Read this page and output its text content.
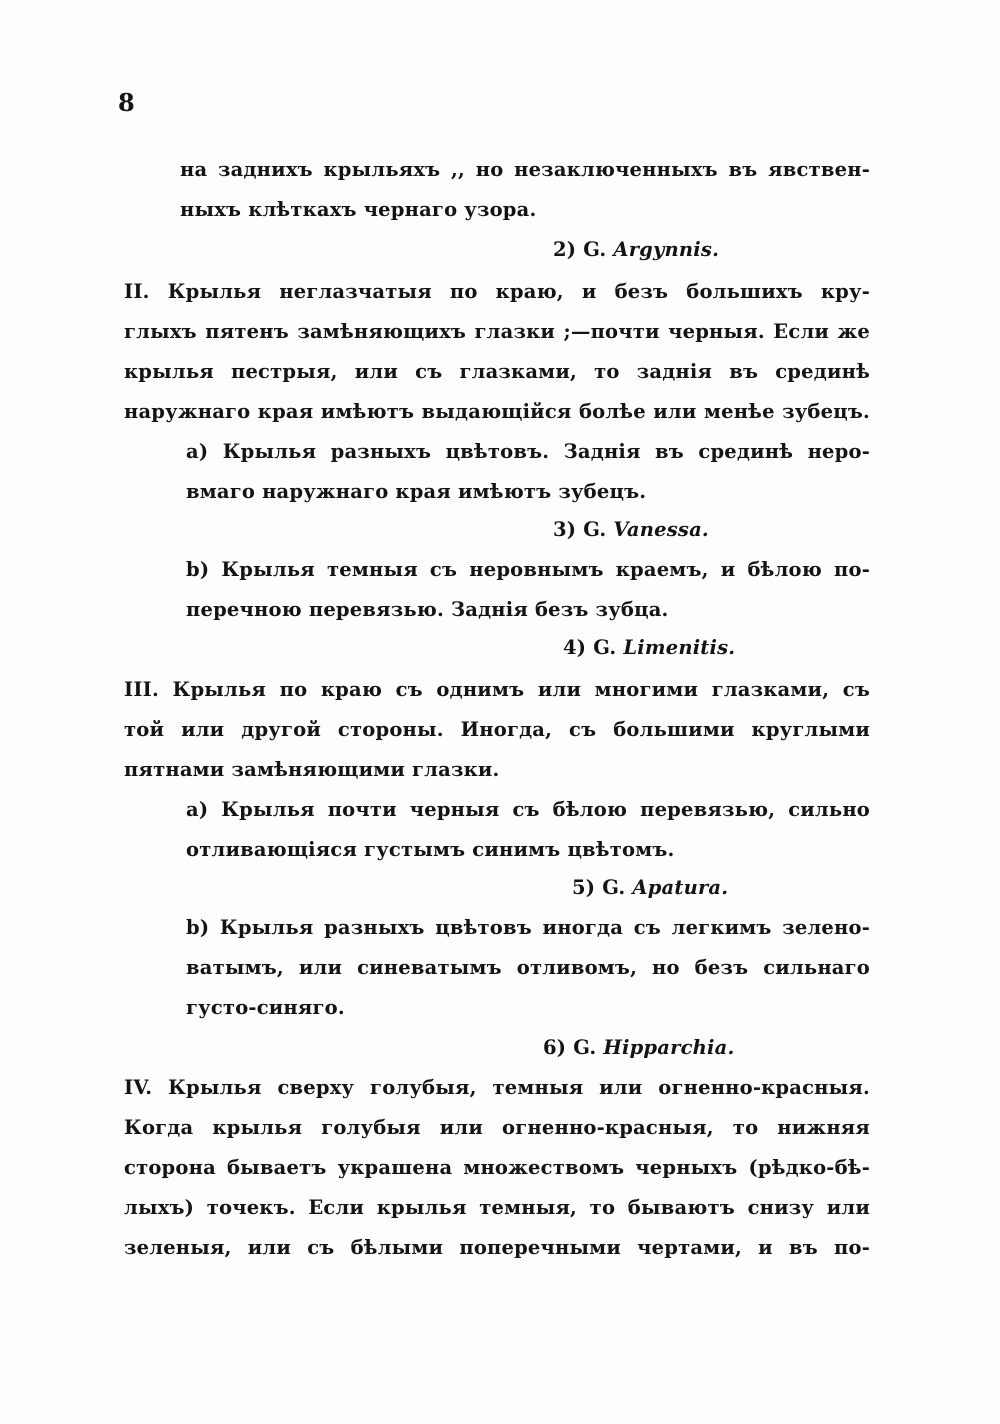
8
на заднихъ крыльяхъ ,, но незаключенныхъ въ явствен-
ныхъ клѣткахъ чернаго узора.
2) G. Argynnis.
II. Крылья неглазчатыя по краю, и безъ большихъ кру-
глыхъ пятенъ замѣняющихъ глазки ;—почти черныя. Если же
крылья пестрыя, или съ глазками, то заднія въ срединѣ
наружнаго края имѣютъ выдающійся болѣе или менѣе зубецъ.
a) Крылья разныхъ цвѣтовъ. Заднія въ срединѣ неро-
вмаго наружнаго края имѣютъ зубецъ.
3) G. Vanessa.
b) Крылья темныя съ неровнымъ краемъ, и бѣлою по-
перечною перевязью. Заднія безъ зубца.
4) G. Limenitis.
III. Крылья по краю съ однимъ или многими глазками, съ
той или другой стороны. Иногда, съ большими круглыми
пятнами замѣняющими глазки.
a) Крылья почти черныя съ бѣлою перевязью, сильно
отливающіяся густымъ синимъ цвѣтомъ.
5) G. Apatura.
b) Крылья разныхъ цвѣтовъ иногда съ легкимъ зелено-
ватымъ, или синеватымъ отливомъ, но безъ сильнаго
густо-синяго.
6) G. Hipparchia.
IV. Крылья сверху голубыя, темныя или огненно-красныя.
Когда крылья голубыя или огненно-красныя, то нижняя
сторона бываетъ украшена множествомъ черныхъ (рѣдко-бѣ-
лыхъ) точекъ. Если крылья темныя, то бываютъ снизу или
зеленыя, или съ бѣлыми поперечными чертами, и въ по-
